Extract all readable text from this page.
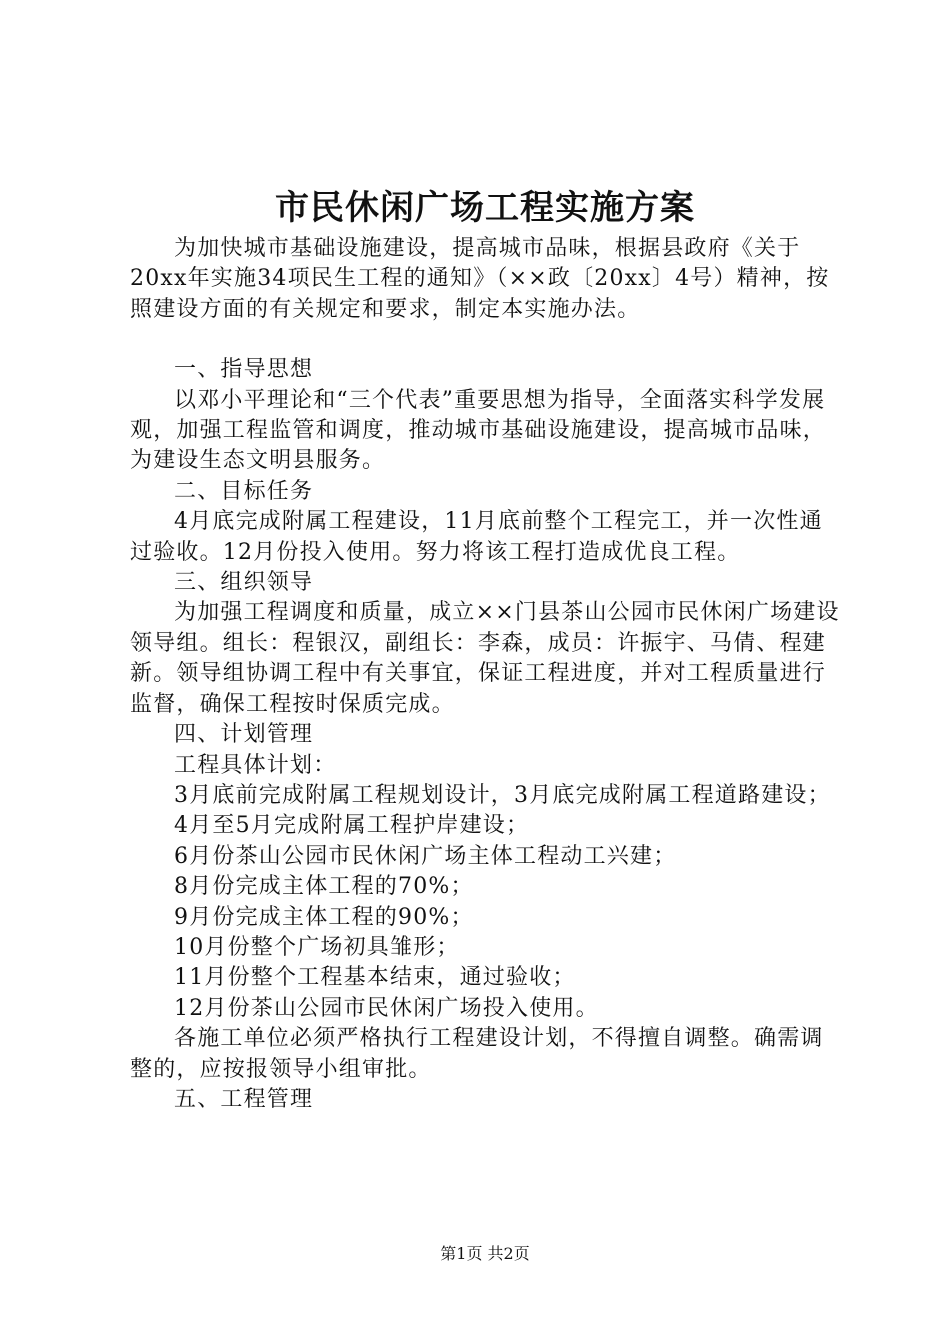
市民休闲广场工程实施方案

为加快城市基础设施建设，提高城市品味，根据县政府《关于20xx年实施34项民生工程的通知》（××政〔20xx〕4号）精神，按照建设方面的有关规定和要求，制定本实施办法。

一、指导思想

以邓小平理论和“三个代表”重要思想为指导，全面落实科学发展观，加强工程监管和调度，推动城市基础设施建设，提高城市品味，为建设生态文明县服务。

二、目标任务

4月底完成附属工程建设，11月底前整个工程完工，并一次性通过验收。12月份投入使用。努力将该工程打造成优良工程。

三、组织领导

为加强工程调度和质量，成立××门县茶山公园市民休闲广场建设领导组。组长：程银汉，副组长：李森，成员：许振宇、马倩、程建新。领导组协调工程中有关事宜，保证工程进度，并对工程质量进行监督，确保工程按时保质完成。

四、计划管理

工程具体计划：

3月底前完成附属工程规划设计，3月底完成附属工程道路建设；

4月至5月完成附属工程护岸建设；

6月份茶山公园市民休闲广场主体工程动工兴建；

8月份完成主体工程的70%；

9月份完成主体工程的90%；

10月份整个广场初具雏形；

11月份整个工程基本结束，通过验收；

12月份茶山公园市民休闲广场投入使用。

各施工单位必须严格执行工程建设计划，不得擅自调整。确需调整的，应按报领导小组审批。

五、工程管理

第1页 共2页
